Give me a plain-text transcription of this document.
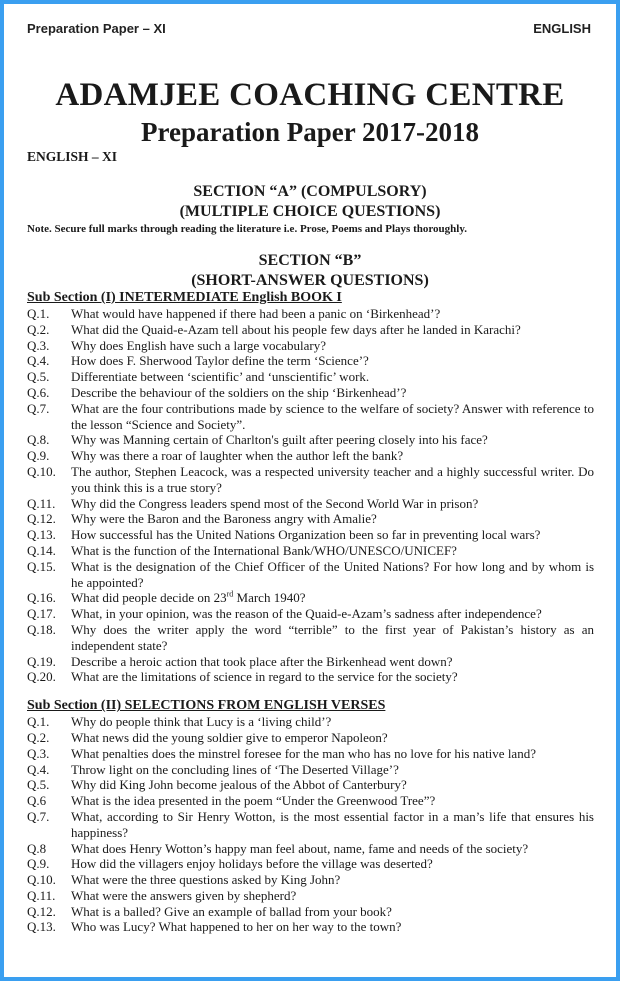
Preparation Paper – XI	ENGLISH
ADAMJEE COACHING CENTRE
Preparation Paper 2017-2018
ENGLISH – XI
SECTION “A” (COMPULSORY)
(MULTIPLE CHOICE QUESTIONS)
Note. Secure full marks through reading the literature i.e. Prose, Poems and Plays thoroughly.
SECTION “B”
(SHORT-ANSWER QUESTIONS)
Sub Section (I) INETERMEDIATE English BOOK I
Q.1.	What would have happened if there had been a panic on ‘Birkenhead’?
Q.2.	What did the Quaid-e-Azam tell about his people few days after he landed in Karachi?
Q.3.	Why does English have such a large vocabulary?
Q.4.	How does F. Sherwood Taylor define the term ‘Science’?
Q.5.	Differentiate between ‘scientific’ and ‘unscientific’ work.
Q.6.	Describe the behaviour of the soldiers on the ship ‘Birkenhead’?
Q.7.	What are the four contributions made by science to the welfare of society? Answer with reference to the lesson “Science and Society”.
Q.8.	Why was Manning certain of Charlton's guilt after peering closely into his face?
Q.9.	Why was there a roar of laughter when the author left the bank?
Q.10.	The author, Stephen Leacock, was a respected university teacher and a highly successful writer. Do you think this is a true story?
Q.11.	Why did the Congress leaders spend most of the Second World War in prison?
Q.12.	Why were the Baron and the Baroness angry with Amalie?
Q.13.	How successful has the United Nations Organization been so far in preventing local wars?
Q.14.	What is the function of the International Bank/WHO/UNESCO/UNICEF?
Q.15.	What is the designation of the Chief Officer of the United Nations? For how long and by whom is he appointed?
Q.16.	What did people decide on 23rd March 1940?
Q.17.	What, in your opinion, was the reason of the Quaid-e-Azam’s sadness after independence?
Q.18.	Why does the writer apply the word “terrible” to the first year of Pakistan’s history as an independent state?
Q.19.	Describe a heroic action that took place after the Birkenhead went down?
Q.20.	What are the limitations of science in regard to the service for the society?
Sub Section (II) SELECTIONS FROM ENGLISH VERSES
Q.1.	Why do people think that Lucy is a ‘living child’?
Q.2.	What news did the young soldier give to emperor Napoleon?
Q.3.	What penalties does the minstrel foresee for the man who has no love for his native land?
Q.4.	Throw light on the concluding lines of ‘The Deserted Village’?
Q.5.	Why did King John become jealous of the Abbot of Canterbury?
Q.6	What is the idea presented in the poem “Under the Greenwood Tree”?
Q.7.	What, according to Sir Henry Wotton, is the most essential factor in a man’s life that ensures his happiness?
Q.8	What does Henry Wotton’s happy man feel about, name, fame and needs of the society?
Q.9.	How did the villagers enjoy holidays before the village was deserted?
Q.10.	What were the three questions asked by King John?
Q.11.	What were the answers given by shepherd?
Q.12.	What is a balled? Give an example of ballad from your book?
Q.13.	Who was Lucy? What happened to her on her way to the town?
